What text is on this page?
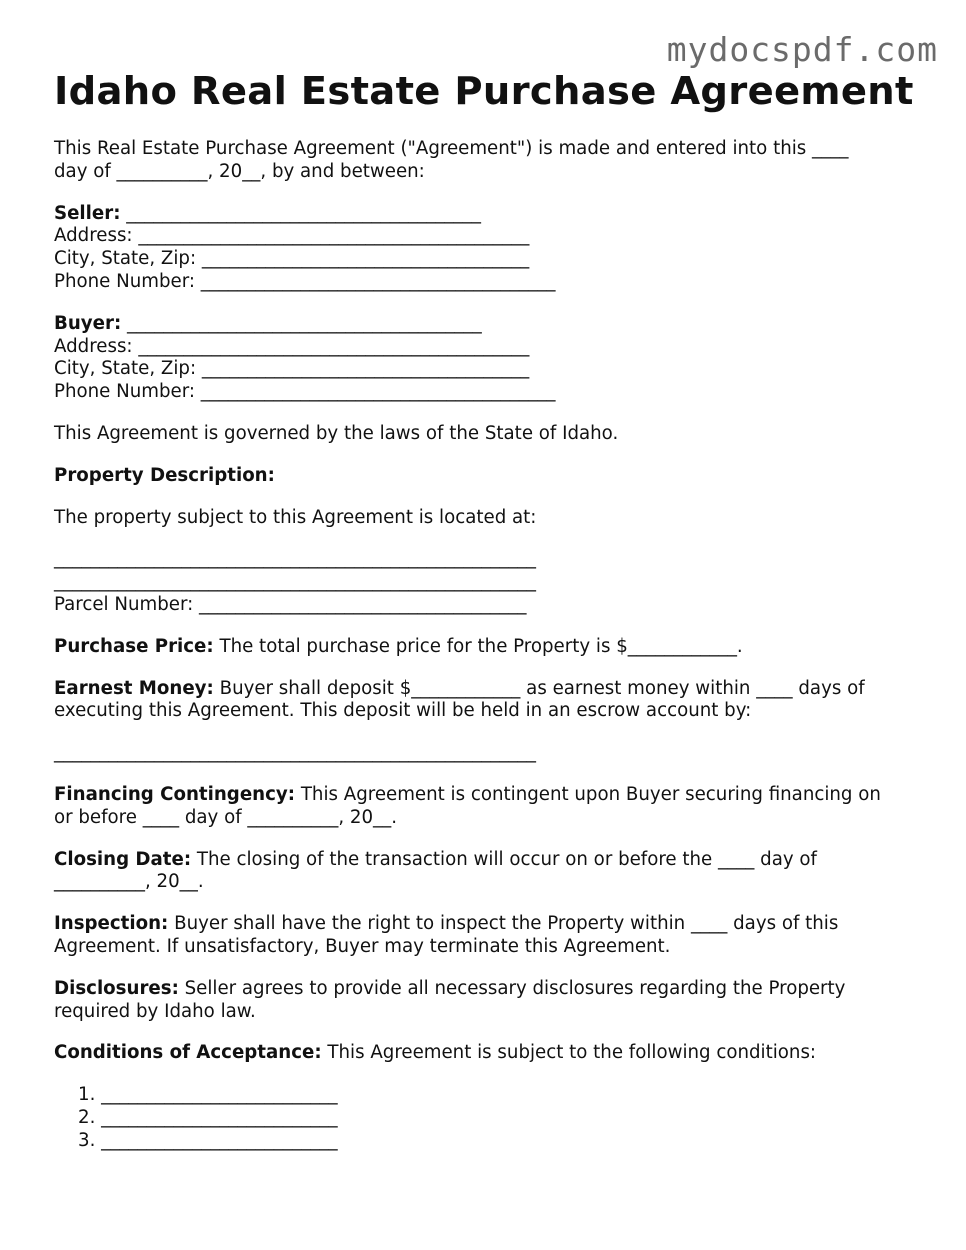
mydocspdf.com
Idaho Real Estate Purchase Agreement

This Real Estate Purchase Agreement ("Agreement") is made and entered into this ____

day of __________, 20__, by and between:

Seller: _______________________________________

Address: ___________________________________________

City, State, Zip: ____________________________________

Phone Number: _______________________________________

Buyer: _______________________________________

Address: ___________________________________________

City, State, Zip: ____________________________________

Phone Number: _______________________________________

This Agreement is governed by the laws of the State of Idaho.

Property Description:

The property subject to this Agreement is located at:

_____________________________________________________

_____________________________________________________

Parcel Number: ____________________________________

Purchase Price: The total purchase price for the Property is $____________.

Earnest Money: Buyer shall deposit $____________ as earnest money within ____ days of

executing this Agreement. This deposit will be held in an escrow account by:

_____________________________________________________

Financing Contingency: This Agreement is contingent upon Buyer securing financing on

or before ____ day of __________, 20__.

Closing Date: The closing of the transaction will occur on or before the ____ day of

__________, 20__.

Inspection: Buyer shall have the right to inspect the Property within ____ days of this

Agreement. If unsatisfactory, Buyer may terminate this Agreement.

Disclosures: Seller agrees to provide all necessary disclosures regarding the Property

required by Idaho law.

Conditions of Acceptance: This Agreement is subject to the following conditions:

1. __________________________

2. __________________________

3. __________________________
